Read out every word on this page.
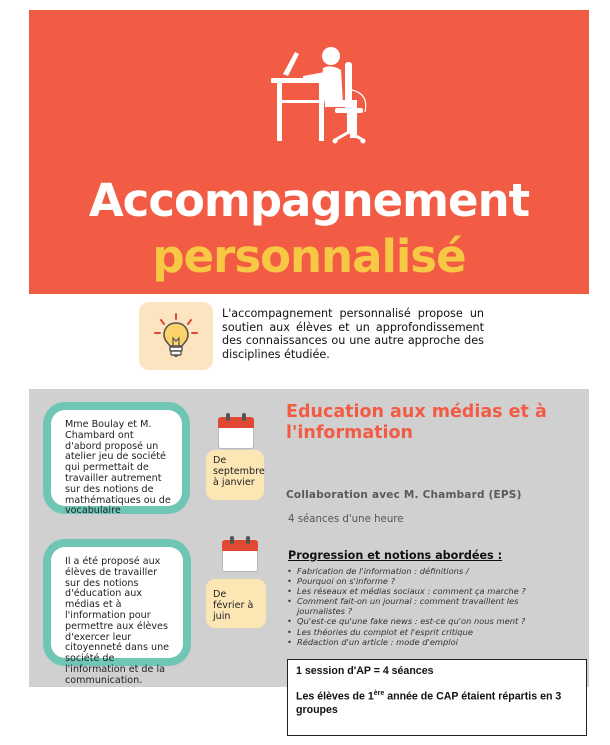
Accompagnement
personnalisé

L'accompagnement personnalisé propose un soutien aux élèves et un approfondissement des connaissances ou une autre approche des disciplines étudiée.

Mme Boulay et M. Chambard ont d'abord proposé un atelier jeu de société qui permettait de travailler autrement sur des notions de mathématiques ou de vocabulaire

De septembre à janvier

Il a été proposé aux élèves de travailler sur des notions d'éducation aux médias et à l'information pour permettre aux élèves d'exercer leur citoyenneté dans une société de l'information et de la communication.

De février à juin
Education aux médias et à l'information
Collaboration avec M. Chambard (EPS)
4 séances d'une heure
Progression et notions abordées :
• Fabrication de l'information : définitions /
• Pourquoi on s'informe ?
• Les réseaux et médias sociaux : comment ça marche ?
• Comment fait-on un journal : comment travaillent les journalistes ?
• Qu'est-ce qu'une fake news : est-ce qu'on nous ment ?
• Les théories du complot et l'esprit critique
• Rédaction d'un article : mode d'emploi

1 session d'AP = 4 séances

Les élèves de 1ère année de CAP étaient répartis en 3 groupes
